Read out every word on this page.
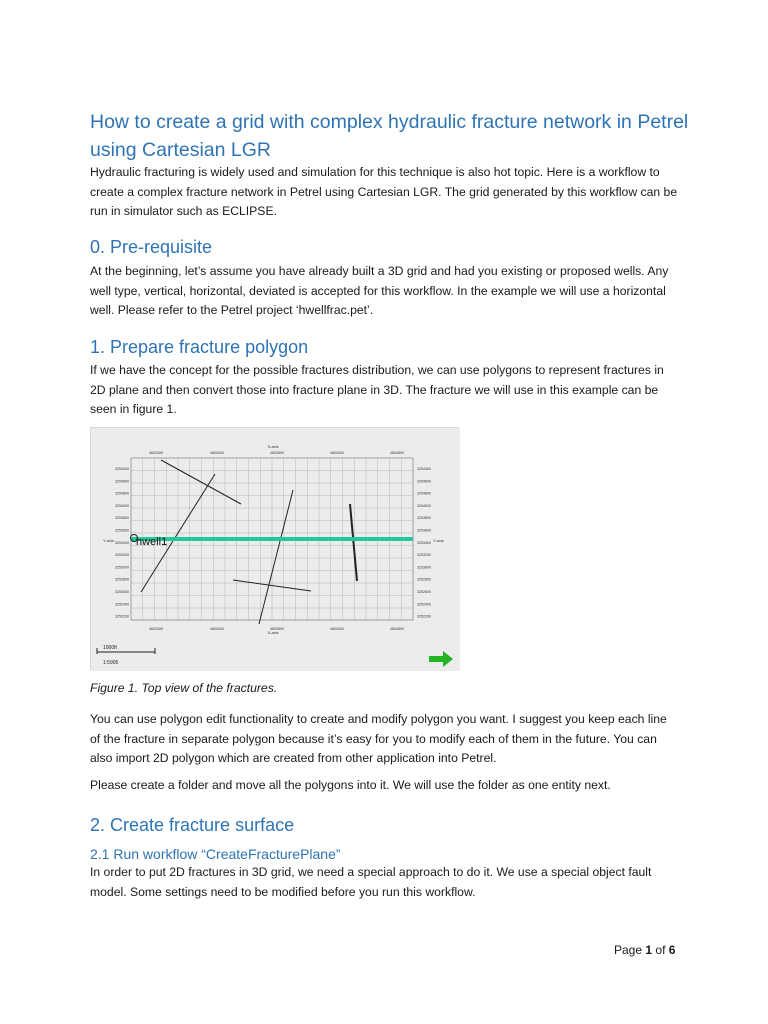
How to create a grid with complex hydraulic fracture network in Petrel using Cartesian LGR

Hydraulic fracturing is widely used and simulation for this technique is also hot topic. Here is a workflow to create a complex fracture network in Petrel using Cartesian LGR. The grid generated by this workflow can be run in simulator such as ECLIPSE.

0. Pre-requisite

At the beginning, let’s assume you have already built a 3D grid and had you existing or proposed wells. Any well type, vertical, horizontal, deviated is accepted for this workflow. In the example we will use a horizontal well. Please refer to the Petrel project ‘hwellfrac.pet’.

1. Prepare fracture polygon

If we have the concept for the possible fractures distribution, we can use polygons to represent fractures in 2D plane and then convert those into fracture plane in 3D. The fracture we will use in this example can be seen in figure 1.

4602500
4602500
4603000
4603000
4603500
4603500
4604000
4604000
4604500
4604500
3254400	3254400
3254600	3254600
3254800	3254800
3254000	3254000
3253800	3253800
3253600	3253600
3253400	3253400
3253200	3253200
3253000	3253000
3252800	3252800
3252600	3252600
3252400	3252400
3252200	3252200
hwell1
X-axis
X-axis
Y-axis	Y-axis
1000ft
1:5905

Figure 1. Top view of the fractures.

You can use polygon edit functionality to create and modify polygon you want. I suggest you keep each line of the fracture in separate polygon because it’s easy for you to modify each of them in the future. You can also import 2D polygon which are created from other application into Petrel.

Please create a folder and move all the polygons into it. We will use the folder as one entity next.

2. Create fracture surface
2.1 Run workflow “CreateFracturePlane”

In order to put 2D fractures in 3D grid, we need a special approach to do it. We use a special object fault model. Some settings need to be modified before you run this workflow.

Page 1 of 6
